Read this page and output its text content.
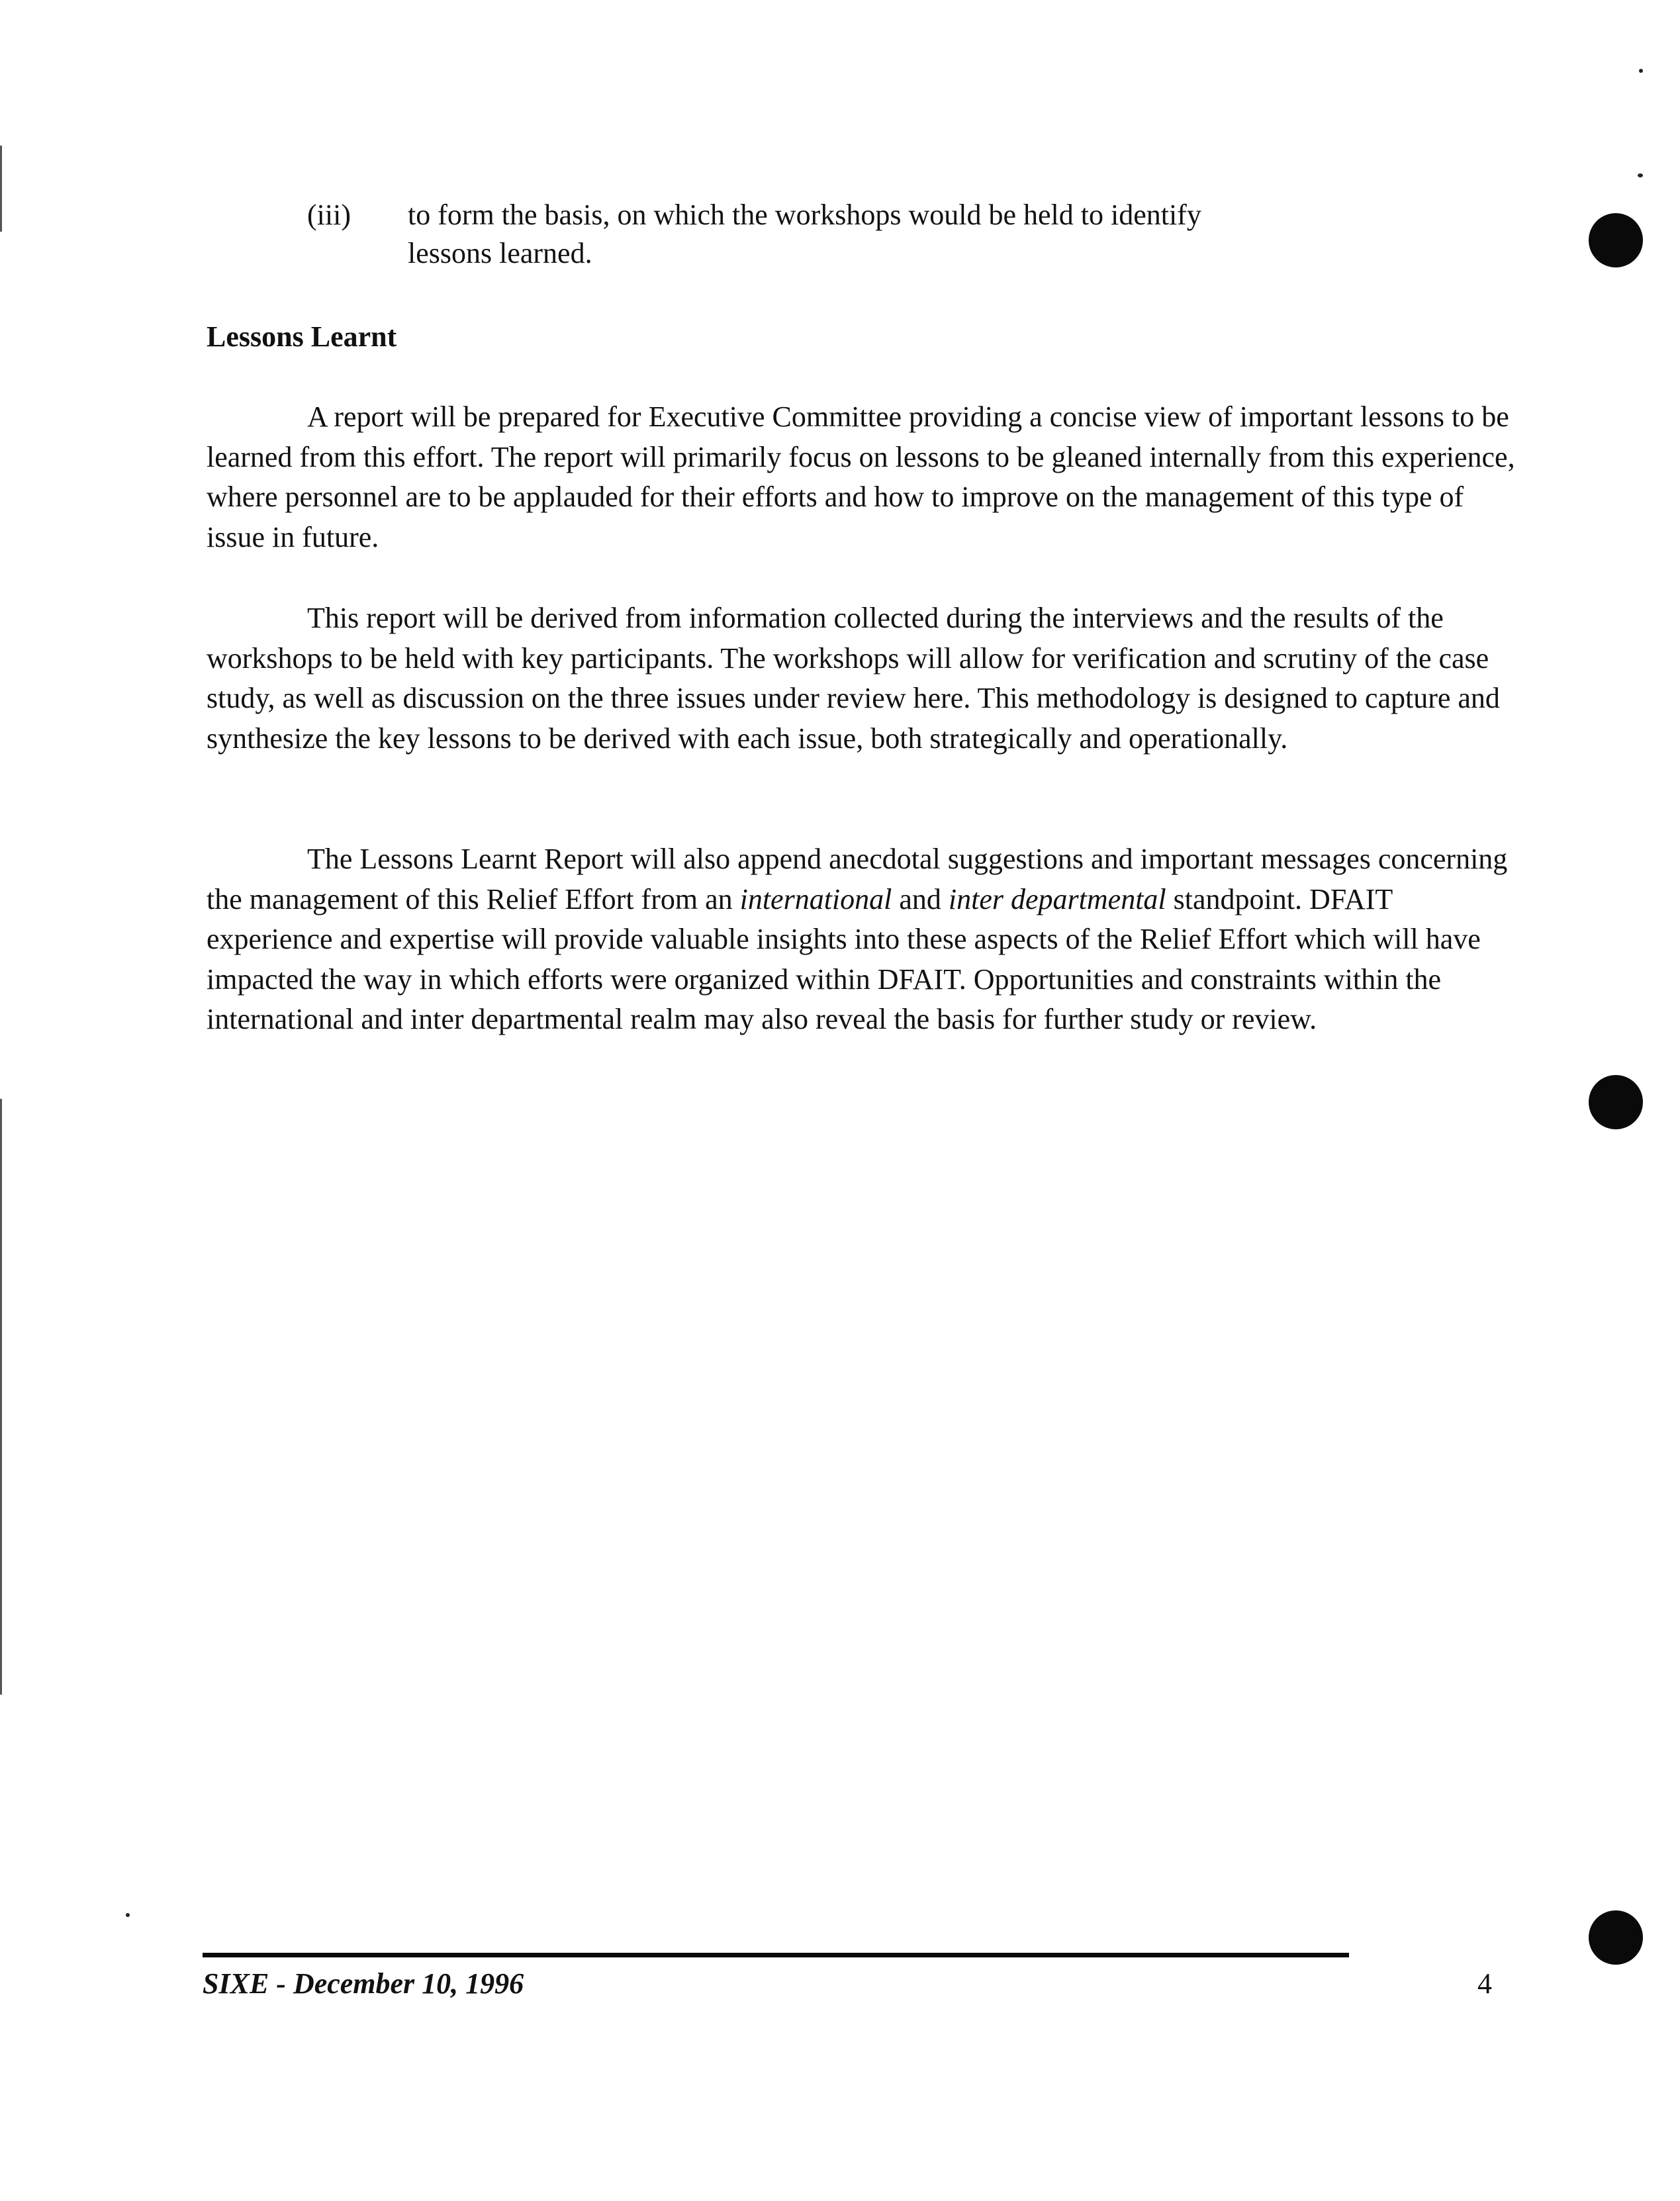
(iii) to form the basis, on which the workshops would be held to identify
lessons learned.
Lessons Learnt

A report will be prepared for Executive Committee providing a concise view of important lessons to be learned from this effort. The report will primarily focus on lessons to be gleaned internally from this experience, where personnel are to be applauded for their efforts and how to improve on the management of this type of issue in future.

This report will be derived from information collected during the interviews and the results of the workshops to be held with key participants. The workshops will allow for verification and scrutiny of the case study, as well as discussion on the three issues under review here. This methodology is designed to capture and synthesize the key lessons to be derived with each issue, both strategically and operationally.

The Lessons Learnt Report will also append anecdotal suggestions and important messages concerning the management of this Relief Effort from an international and inter departmental standpoint. DFAIT experience and expertise will provide valuable insights into these aspects of the Relief Effort which will have impacted the way in which efforts were organized within DFAIT. Opportunities and constraints within the international and inter departmental realm may also reveal the basis for further study or review.

SIXE - December 10, 1996	4
